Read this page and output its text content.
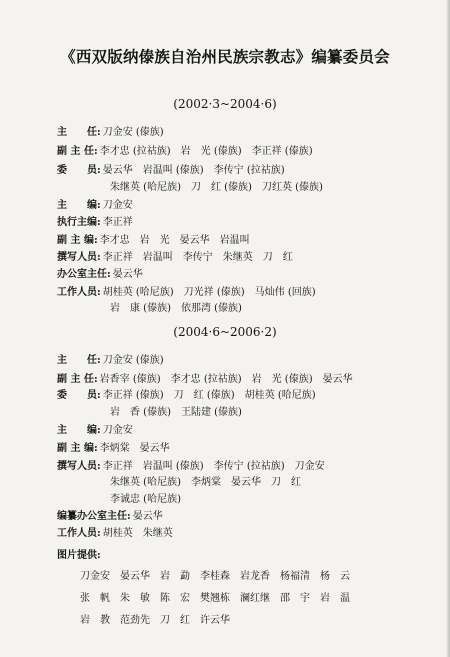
《西双版纳傣族自治州民族宗教志》编纂委员会
(2002·3~2004·6)
主　　任: 刀金安 (傣族)
副 主 任: 李才忠 (拉祜族)　岩　光 (傣族)　李正祥 (傣族)
委　　员: 晏云华　岩温叫 (傣族)　李传宁 (拉祜族)
朱继英 (哈尼族)　刀　红 (傣族)　刀红英 (傣族)
主　　编: 刀金安
执行主编: 李正祥
副 主 编: 李才忠　岩　光　晏云华　岩温叫
撰写人员: 李正祥　岩温叫　李传宁　朱继英　刀　红
办公室主任: 晏云华
工作人员: 胡桂英 (哈尼族)　刀光祥 (傣族)　马灿伟 (回族)
岩　康 (傣族)　依那湾 (傣族)
(2004·6~2006·2)
主　　任: 刀金安 (傣族)
副 主 任: 岩香宰 (傣族)　李才忠 (拉祜族)　岩　光 (傣族)　晏云华
委　　员: 李正祥 (傣族)　刀　红 (傣族)　胡桂英 (哈尼族)
岩　香 (傣族)　王陆建 (傣族)
主　　编: 刀金安
副 主 编: 李炳棠　晏云华
撰写人员: 李正祥　岩温叫 (傣族)　李传宁 (拉祜族)　刀金安
朱继英 (哈尼族)　李炳棠　晏云华　刀　红
李诚忠 (哈尼族)
编纂办公室主任: 晏云华
工作人员: 胡桂英　朱继英
图片提供:
刀金安　晏云华　岩　勐　李桂森　岩龙香　杨福清　杨　云
张　帆　朱　敏　陈　宏　樊翘栋　澜红继　邵　宇　岩　温
岩　教　范劲先　刀　红　许云华
